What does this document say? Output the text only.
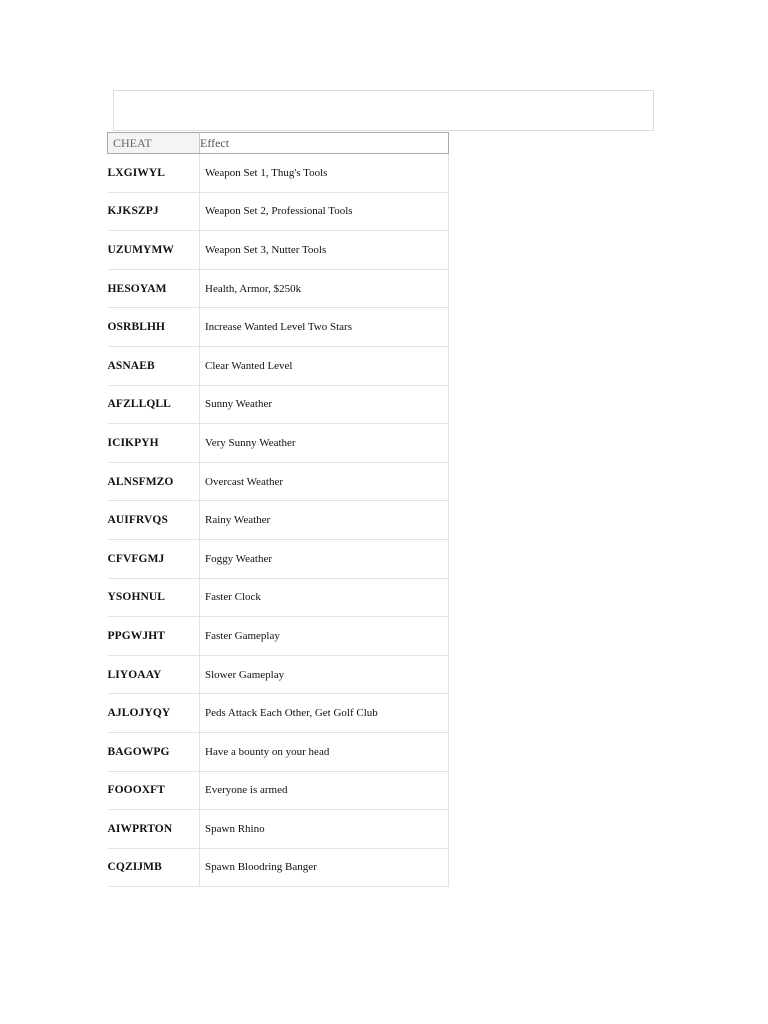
CHEAT	Effect
LXGIWYL	Weapon Set 1, Thug's Tools
KJKSZPJ	Weapon Set 2, Professional Tools
UZUMYMW	Weapon Set 3, Nutter Tools
HESOYAM	Health, Armor, $250k
OSRBLHH	Increase Wanted Level Two Stars
ASNAEB	Clear Wanted Level
AFZLLQLL	Sunny Weather
ICIKPYH	Very Sunny Weather
ALNSFMZO	Overcast Weather
AUIFRVQS	Rainy Weather
CFVFGMJ	Foggy Weather
YSOHNUL	Faster Clock
PPGWJHT	Faster Gameplay
LIYOAAY	Slower Gameplay
AJLOJYQY	Peds Attack Each Other, Get Golf Club
BAGOWPG	Have a bounty on your head
FOOOXFT	Everyone is armed
AIWPRTON	Spawn Rhino
CQZIJMB	Spawn Bloodring Banger
